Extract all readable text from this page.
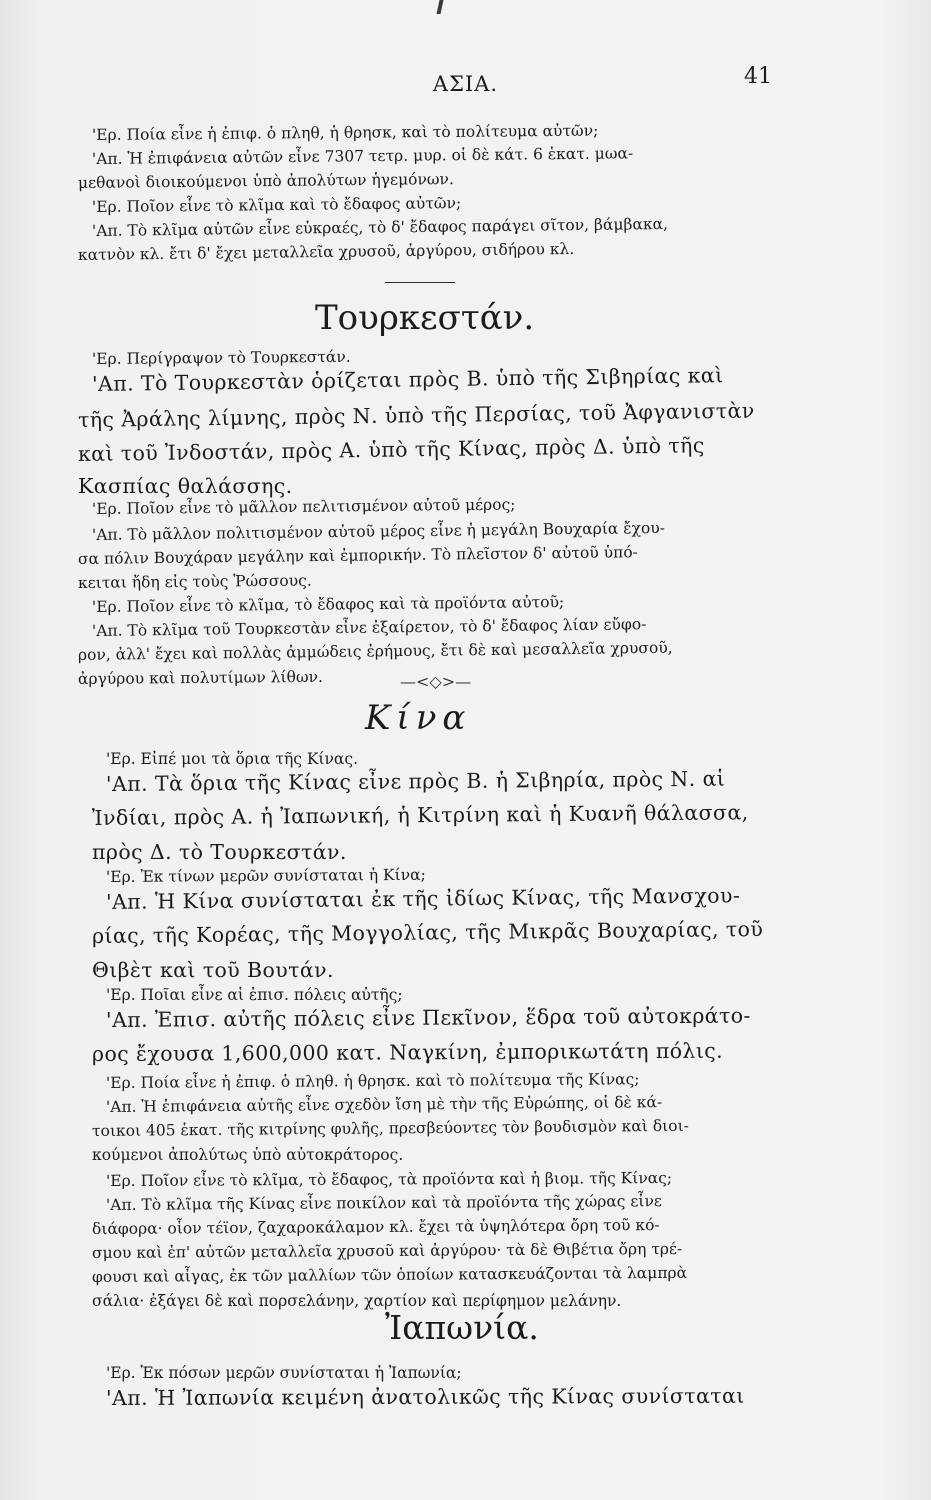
ΑΣΙΑ.	41
'Ερ. Ποία εἶνε ἡ ἐπιφ. ὁ πληθ, ἡ θρησκ, καὶ τὸ πολίτευμα αὐτῶν;
'Απ. Ἡ ἐπιφάνεια αὐτῶν εἶνε 7307 τετρ. μυρ. οἱ δὲ κάτ. 6 ἑκατ. μωα-
μεθανοὶ διοικούμενοι ὑπὸ ἀπολύτων ἡγεμόνων.
'Ερ. Ποῖον εἶνε τὸ κλῖμα καὶ τὸ ἔδαφος αὐτῶν;
'Απ. Τὸ κλῖμα αὐτῶν εἶνε εὐκραές, τὸ δ' ἔδαφος παράγει σῖτον, βάμβακα,
κατνὸν κλ. ἔτι δ' ἔχει μεταλλεῖα χρυσοῦ, ἀργύρου, σιδήρου κλ.
Τουρκεστάν.
'Ερ. Περίγραψον τὸ Τουρκεστάν.
'Απ. Τὸ Τουρκεστὰν ὁρίζεται πρὸς Β. ὑπὸ τῆς Σιβηρίας καὶ
τῆς Ἀράλης λίμνης, πρὸς Ν. ὑπὸ τῆς Περσίας, τοῦ Ἀφγανιστὰν
καὶ τοῦ Ἰνδοστάν, πρὸς Α. ὑπὸ τῆς Κίνας, πρὸς Δ. ὑπὸ τῆς
Κασπίας θαλάσσης.
'Ερ. Ποῖον εἶνε τὸ μᾶλλον πελιτισμένον αὐτοῦ μέρος;
'Απ. Τὸ μᾶλλον πολιτισμένον αὐτοῦ μέρος εἶνε ἡ μεγάλη Βουχαρία ἔχου-
σα πόλιν Βουχάραν μεγάλην καὶ ἐμπορικήν. Τὸ πλεῖστον δ' αὐτοῦ ὑπό-
κειται ἤδη εἰς τοὺς Ῥώσσους.
'Ερ. Ποῖον εἶνε τὸ κλῖμα, τὸ ἔδαφος καὶ τὰ προϊόντα αὐτοῦ;
'Απ. Τὸ κλῖμα τοῦ Τουρκεστὰν εἶνε ἐξαίρετον, τὸ δ' ἔδαφος λίαν εὔφο-
ρον, ἀλλ' ἔχει καὶ πολλὰς ἀμμώδεις ἐρήμους, ἔτι δὲ καὶ μεσαλλεῖα χρυσοῦ,
ἀργύρου καὶ πολυτίμων λίθων.	—<◇>—
Κίνα
'Ερ. Εἰπέ μοι τὰ ὅρια τῆς Κίνας.
'Απ. Τὰ ὅρια τῆς Κίνας εἶνε πρὸς Β. ἡ Σιβηρία, πρὸς Ν. αἱ
Ἰνδίαι, πρὸς Α. ἡ Ἰαπωνική, ἡ Κιτρίνη καὶ ἡ Κυανῆ θάλασσα,
πρὸς Δ. τὸ Τουρκεστάν.
'Ερ. Ἐκ τίνων μερῶν συνίσταται ἡ Κίνα;
'Απ. Ἡ Κίνα συνίσταται ἐκ τῆς ἰδίως Κίνας, τῆς Μανσχου-
ρίας, τῆς Κορέας, τῆς Μογγολίας, τῆς Μικρᾶς Βουχαρίας, τοῦ
Θιβὲτ καὶ τοῦ Βουτάν.
'Ερ. Ποῖαι εἶνε αἱ ἐπισ. πόλεις αὐτῆς;
'Απ. Ἐπισ. αὐτῆς πόλεις εἶνε Πεκῖνον, ἕδρα τοῦ αὐτοκράτο-
ρος ἔχουσα 1,600,000 κατ. Ναγκίνη, ἐμπορικωτάτη πόλις.
'Ερ. Ποία εἶνε ἡ ἐπιφ. ὁ πληθ. ἡ θρησκ. καὶ τὸ πολίτευμα τῆς Κίνας;
'Απ. Ἡ ἐπιφάνεια αὐτῆς εἶνε σχεδὸν ἴση μὲ τὴν τῆς Εὐρώπης, οἱ δὲ κά-
τοικοι 405 ἑκατ. τῆς κιτρίνης φυλῆς, πρεσβεύοντες τὸν βουδισμὸν καὶ διοι-
κούμενοι ἀπολύτως ὑπὸ αὐτοκράτορος.
'Ερ. Ποῖον εἶνε τὸ κλῖμα, τὸ ἔδαφος, τὰ προϊόντα καὶ ἡ βιομ. τῆς Κίνας;
'Απ. Τὸ κλῖμα τῆς Κίνας εἶνε ποικίλον καὶ τὰ προϊόντα τῆς χώρας εἶνε
διάφορα· οἷον τέϊον, ζαχαροκάλαμον κλ. ἔχει τὰ ὑψηλότερα ὄρη τοῦ κό-
σμου καὶ ἐπ' αὐτῶν μεταλλεῖα χρυσοῦ καὶ ἀργύρου· τὰ δὲ Θιβέτια ὄρη τρέ-
φουσι καὶ αἶγας, ἐκ τῶν μαλλίων τῶν ὁποίων κατασκευάζονται τὰ λαμπρὰ
σάλια· ἐξάγει δὲ καὶ πορσελάνην, χαρτίον καὶ περίφημον μελάνην.
Ἰαπωνία.
'Ερ. Ἐκ πόσων μερῶν συνίσταται ἡ Ἰαπωνία;
'Απ. Ἡ Ἰαπωνία κειμένη ἀνατολικῶς τῆς Κίνας συνίσταται
